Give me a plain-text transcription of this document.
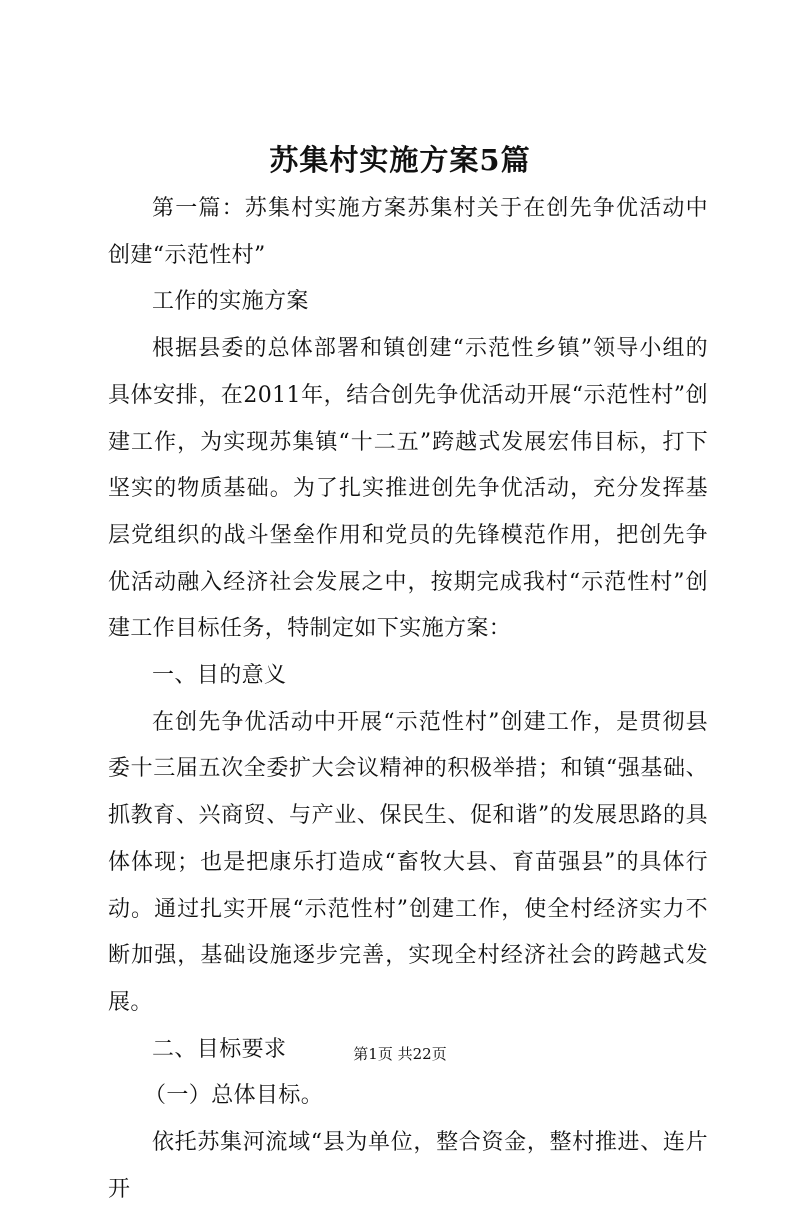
苏集村实施方案5篇

第一篇：苏集村实施方案苏集村关于在创先争优活动中创建“示范性村”

工作的实施方案

根据县委的总体部署和镇创建“示范性乡镇”领导小组的具体安排，在2011年，结合创先争优活动开展“示范性村”创建工作，为实现苏集镇“十二五”跨越式发展宏伟目标，打下坚实的物质基础。为了扎实推进创先争优活动，充分发挥基层党组织的战斗堡垒作用和党员的先锋模范作用，把创先争优活动融入经济社会发展之中，按期完成我村“示范性村”创建工作目标任务，特制定如下实施方案：

一、目的意义

在创先争优活动中开展“示范性村”创建工作，是贯彻县委十三届五次全委扩大会议精神的积极举措；和镇“强基础、抓教育、兴商贸、与产业、保民生、促和谐”的发展思路的具体体现；也是把康乐打造成“畜牧大县、育苗强县”的具体行动。通过扎实开展“示范性村”创建工作，使全村经济实力不断加强，基础设施逐步完善，实现全村经济社会的跨越式发展。

二、目标要求

（一）总体目标。

依托苏集河流域“县为单位，整合资金，整村推进、连片开

第1页 共22页
